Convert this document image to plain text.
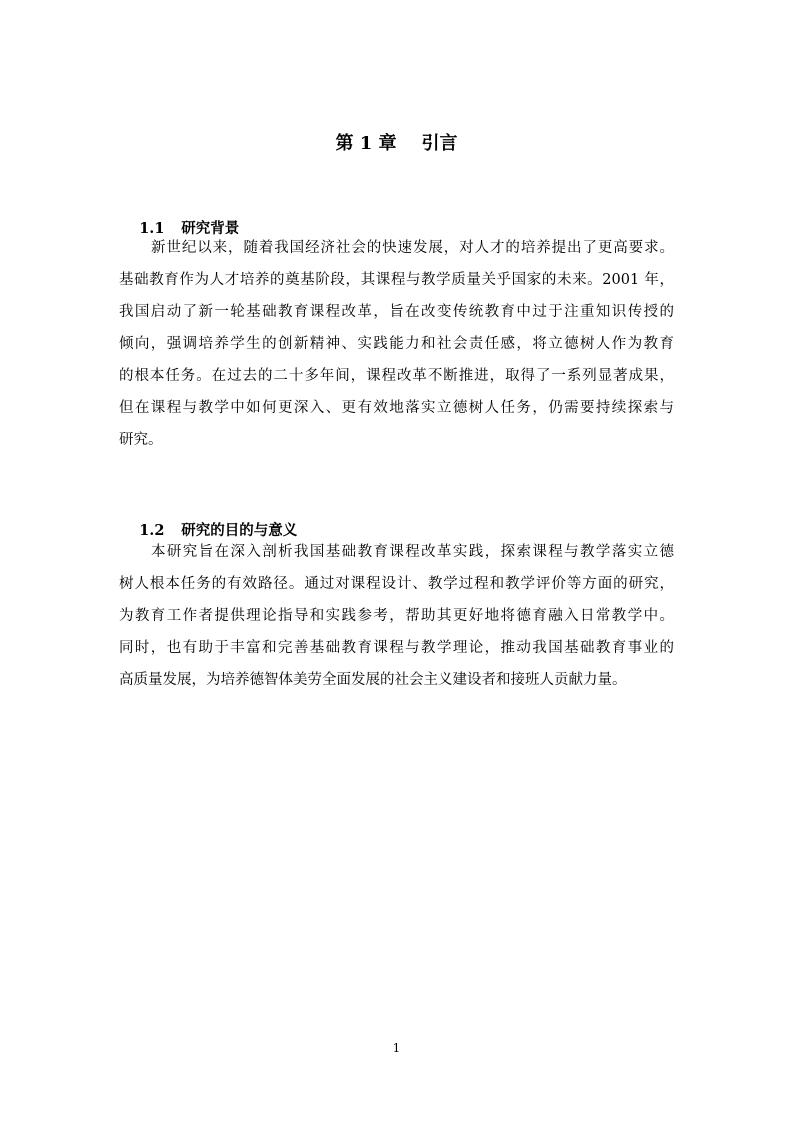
第 1 章    引言

1.1 研究背景

新世纪以来，随着我国经济社会的快速发展，对人才的培养提出了更高要求。
基础教育作为人才培养的奠基阶段，其课程与教学质量关乎国家的未来。2001 年，
我国启动了新一轮基础教育课程改革，旨在改变传统教育中过于注重知识传授的
倾向，强调培养学生的创新精神、实践能力和社会责任感，将立德树人作为教育
的根本任务。在过去的二十多年间，课程改革不断推进，取得了一系列显著成果，
但在课程与教学中如何更深入、更有效地落实立德树人任务，仍需要持续探索与
研究。

1.2 研究的目的与意义

本研究旨在深入剖析我国基础教育课程改革实践，探索课程与教学落实立德
树人根本任务的有效路径。通过对课程设计、教学过程和教学评价等方面的研究，
为教育工作者提供理论指导和实践参考，帮助其更好地将德育融入日常教学中。
同时，也有助于丰富和完善基础教育课程与教学理论，推动我国基础教育事业的
高质量发展，为培养德智体美劳全面发展的社会主义建设者和接班人贡献力量。
1
